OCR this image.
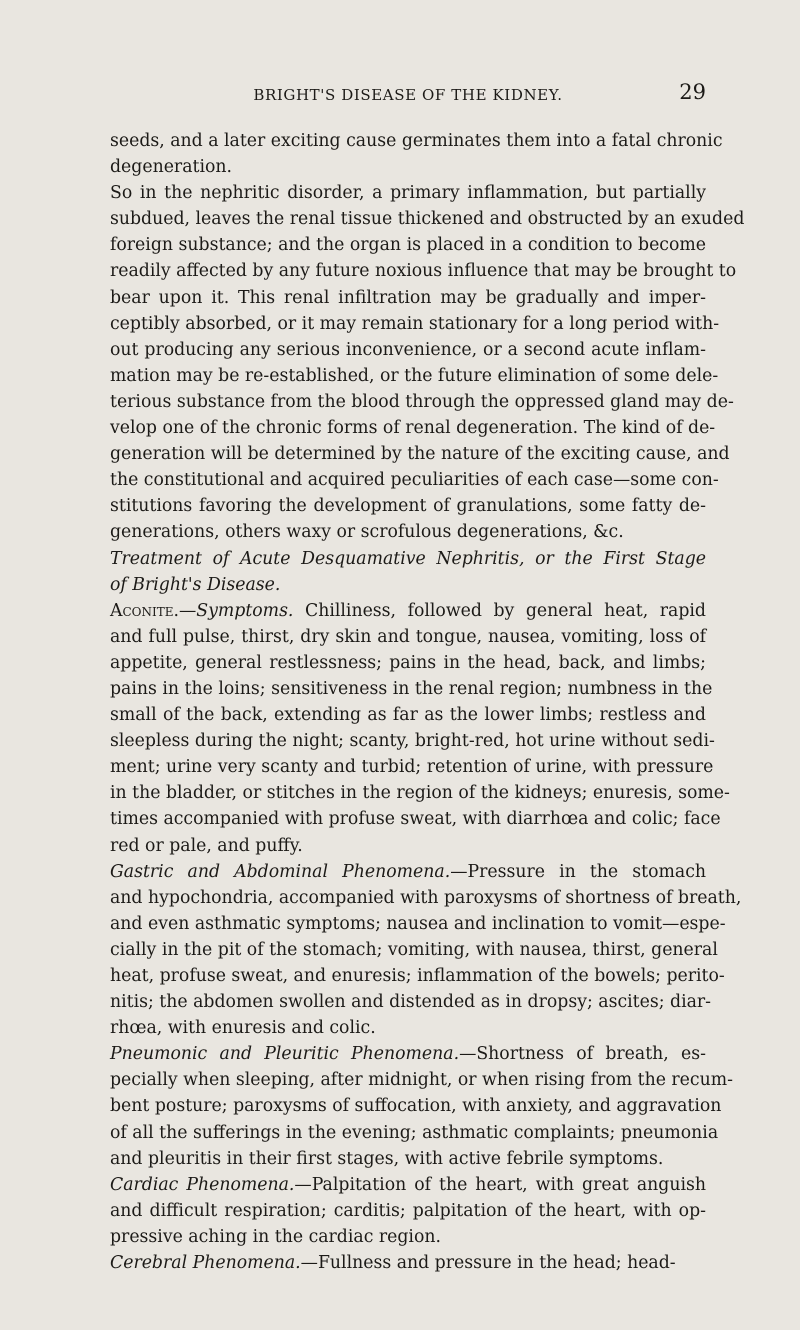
BRIGHT'S DISEASE OF THE KIDNEY.	29
seeds, and a later exciting cause germinates them into a fatal chronic
degeneration.
So in the nephritic disorder, a primary inflammation, but partially
subdued, leaves the renal tissue thickened and obstructed by an exuded
foreign substance; and the organ is placed in a condition to become
readily affected by any future noxious influence that may be brought to
bear upon it. This renal infiltration may be gradually and imper-
ceptibly absorbed, or it may remain stationary for a long period with-
out producing any serious inconvenience, or a second acute inflam-
mation may be re-established, or the future elimination of some dele-
terious substance from the blood through the oppressed gland may de-
velop one of the chronic forms of renal degeneration. The kind of de-
generation will be determined by the nature of the exciting cause, and
the constitutional and acquired peculiarities of each case—some con-
stitutions favoring the development of granulations, some fatty de-
generations, others waxy or scrofulous degenerations, &c.
Treatment of Acute Desquamative Nephritis, or the First Stage
of Bright's Disease.
Aconite.—Symptoms. Chilliness, followed by general heat, rapid
and full pulse, thirst, dry skin and tongue, nausea, vomiting, loss of
appetite, general restlessness; pains in the head, back, and limbs;
pains in the loins; sensitiveness in the renal region; numbness in the
small of the back, extending as far as the lower limbs; restless and
sleepless during the night; scanty, bright-red, hot urine without sedi-
ment; urine very scanty and turbid; retention of urine, with pressure
in the bladder, or stitches in the region of the kidneys; enuresis, some-
times accompanied with profuse sweat, with diarrhœa and colic; face
red or pale, and puffy.
Gastric and Abdominal Phenomena.—Pressure in the stomach
and hypochondria, accompanied with paroxysms of shortness of breath,
and even asthmatic symptoms; nausea and inclination to vomit—espe-
cially in the pit of the stomach; vomiting, with nausea, thirst, general
heat, profuse sweat, and enuresis; inflammation of the bowels; perito-
nitis; the abdomen swollen and distended as in dropsy; ascites; diar-
rhœa, with enuresis and colic.
Pneumonic and Pleuritic Phenomena.—Shortness of breath, es-
pecially when sleeping, after midnight, or when rising from the recum-
bent posture; paroxysms of suffocation, with anxiety, and aggravation
of all the sufferings in the evening; asthmatic complaints; pneumonia
and pleuritis in their first stages, with active febrile symptoms.
Cardiac Phenomena.—Palpitation of the heart, with great anguish
and difficult respiration; carditis; palpitation of the heart, with op-
pressive aching in the cardiac region.
Cerebral Phenomena.—Fullness and pressure in the head; head-
